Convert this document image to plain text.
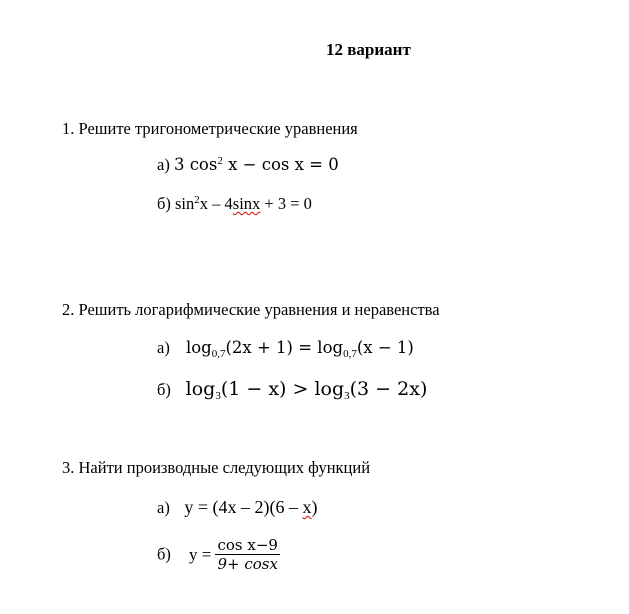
12 вариант
1. Решите тригонометрические уравнения
а) 3 $\cos^2 x - \cos x = 0$
б) $\sin^2x - 4\sin x + 3 = 0$
2. Решить логарифмические уравнения и неравенства
а) $\log_{0,7}(2x + 1) = \log_{0,7}(x - 1)$
б) $\log_3(1 - x) > \log_3(3 - 2x)$
3. Найти производные следующих функций
а) y = (4x – 2)(6 – x)
б) $y = \frac{\text{cos x−9}}{9+ \cos x}$
